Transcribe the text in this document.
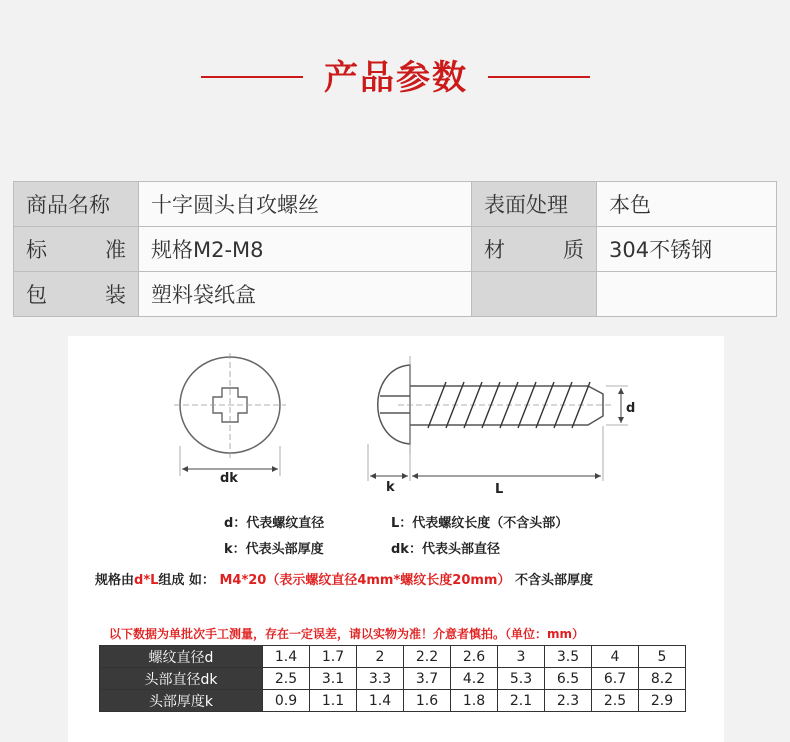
产品参数
商品名称	十字圆头自攻螺丝	表面处理	本色

标 准	规格M2-M8	材 质	304不锈钢

包 装	塑料袋纸盒		
dk
k	L
d
d：代表螺纹直径	L：代表螺纹长度（不含头部）
k：代表头部厚度	dk：代表头部直径
规格由d*L组成 如： M4*20（表示螺纹直径4mm*螺纹长度20mm） 不含头部厚度
以下数据为单批次手工测量，存在一定误差，请以实物为准！介意者慎拍。（单位：mm）
螺纹直径d	1.4	1.7	2	2.2	2.6	3	3.5	4	5
头部直径dk	2.5	3.1	3.3	3.7	4.2	5.3	6.5	6.7	8.2
头部厚度k	0.9	1.1	1.4	1.6	1.8	2.1	2.3	2.5	2.9
